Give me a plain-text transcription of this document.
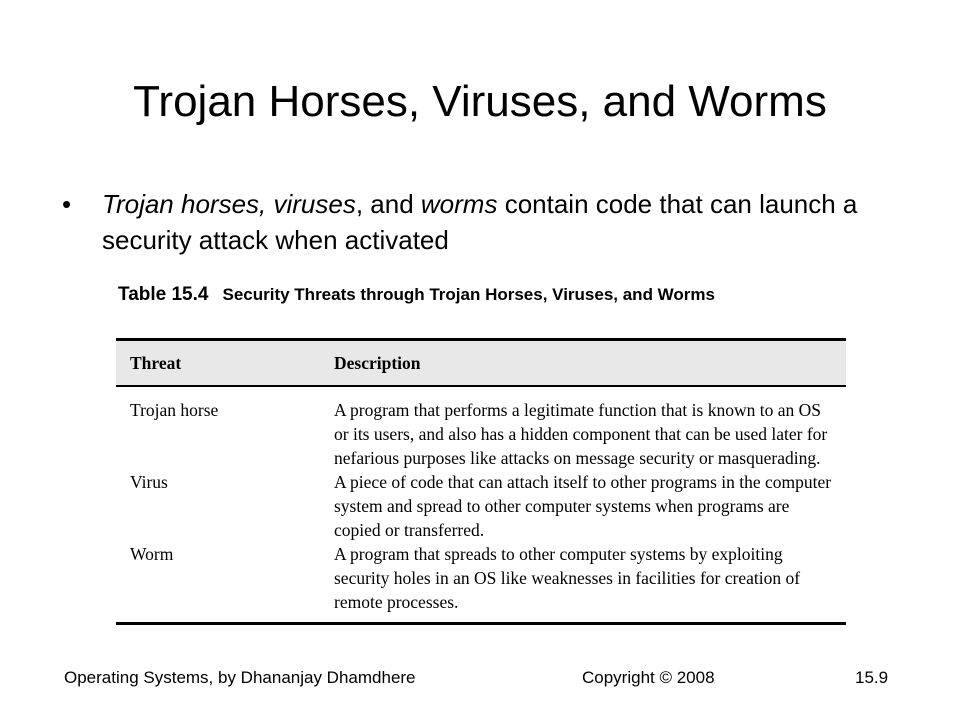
Trojan Horses, Viruses, and Worms
• Trojan horses, viruses, and worms contain code that can launch a security attack when activated
Table 15.4 Security Threats through Trojan Horses, Viruses, and Worms
Threat	Description
Trojan horse	A program that performs a legitimate function that is known to an OS or its users, and also has a hidden component that can be used later for nefarious purposes like attacks on message security or masquerading.
Virus	A piece of code that can attach itself to other programs in the computer system and spread to other computer systems when programs are copied or transferred.
Worm	A program that spreads to other computer systems by exploiting security holes in an OS like weaknesses in facilities for creation of remote processes.
Operating Systems, by Dhananjay Dhamdhere	Copyright © 2008	15.9
